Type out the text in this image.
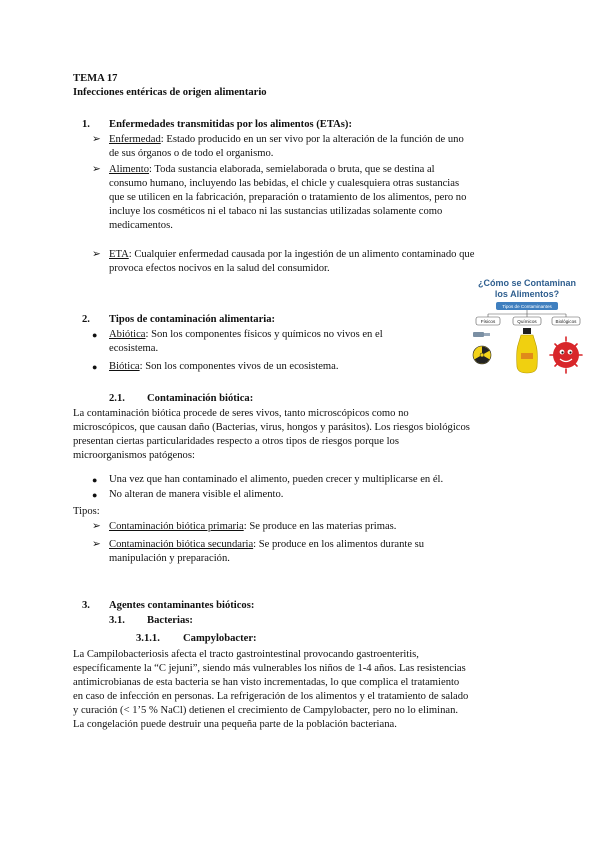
TEMA 17
Infecciones entéricas de origen alimentario
1. Enfermedades transmitidas por los alimentos (ETAs):
➢ Enfermedad: Estado producido en un ser vivo por la alteración de la función de uno
de sus órganos o de todo el organismo.
➢ Alimento: Toda sustancia elaborada, semielaborada o bruta, que se destina al
consumo humano, incluyendo las bebidas, el chicle y cualesquiera otras sustancias
que se utilicen en la fabricación, preparación o tratamiento de los alimentos, pero no
incluye los cosméticos ni el tabaco ni las sustancias utilizadas solamente como
medicamentos.
➢ ETA: Cualquier enfermedad causada por la ingestión de un alimento contaminado que
provoca efectos nocivos en la salud del consumidor.
2. Tipos de contaminación alimentaria:
● Abiótica: Son los componentes físicos y químicos no vivos en el
ecosistema.
● Biótica: Son los componentes vivos de un ecosistema.
2.1. Contaminación biótica:
La contaminación biótica procede de seres vivos, tanto microscópicos como no
microscópicos, que causan daño (Bacterias, virus, hongos y parásitos). Los riesgos biológicos
presentan ciertas particularidades respecto a otros tipos de riesgos porque los
microorganismos patógenos:
● Una vez que han contaminado el alimento, pueden crecer y multiplicarse en él.
● No alteran de manera visible el alimento.
Tipos:
➢ Contaminación biótica primaria: Se produce en las materias primas.
➢ Contaminación biótica secundaria: Se produce en los alimentos durante su
manipulación y preparación.
3. Agentes contaminantes bióticos:
3.1. Bacterias:
3.1.1. Campylobacter:
La Campilobacteriosis afecta el tracto gastrointestinal provocando gastroenteritis,
específicamente la “C jejuni”, siendo más vulnerables los niños de 1-4 años. Las resistencias
antimicrobianas de esta bacteria se han visto incrementadas, lo que complica el tratamiento
en caso de infección en personas. La refrigeración de los alimentos y el tratamiento de salado
y curación (< 1’5 % NaCl) detienen el crecimiento de Campylobacter, pero no lo eliminan.
La congelación puede destruir una pequeña parte de la población bacteriana.
¿Cómo se Contaminan
los Alimentos?
Tipos de Contaminantes
Físicos	Químicos	Biológicos
